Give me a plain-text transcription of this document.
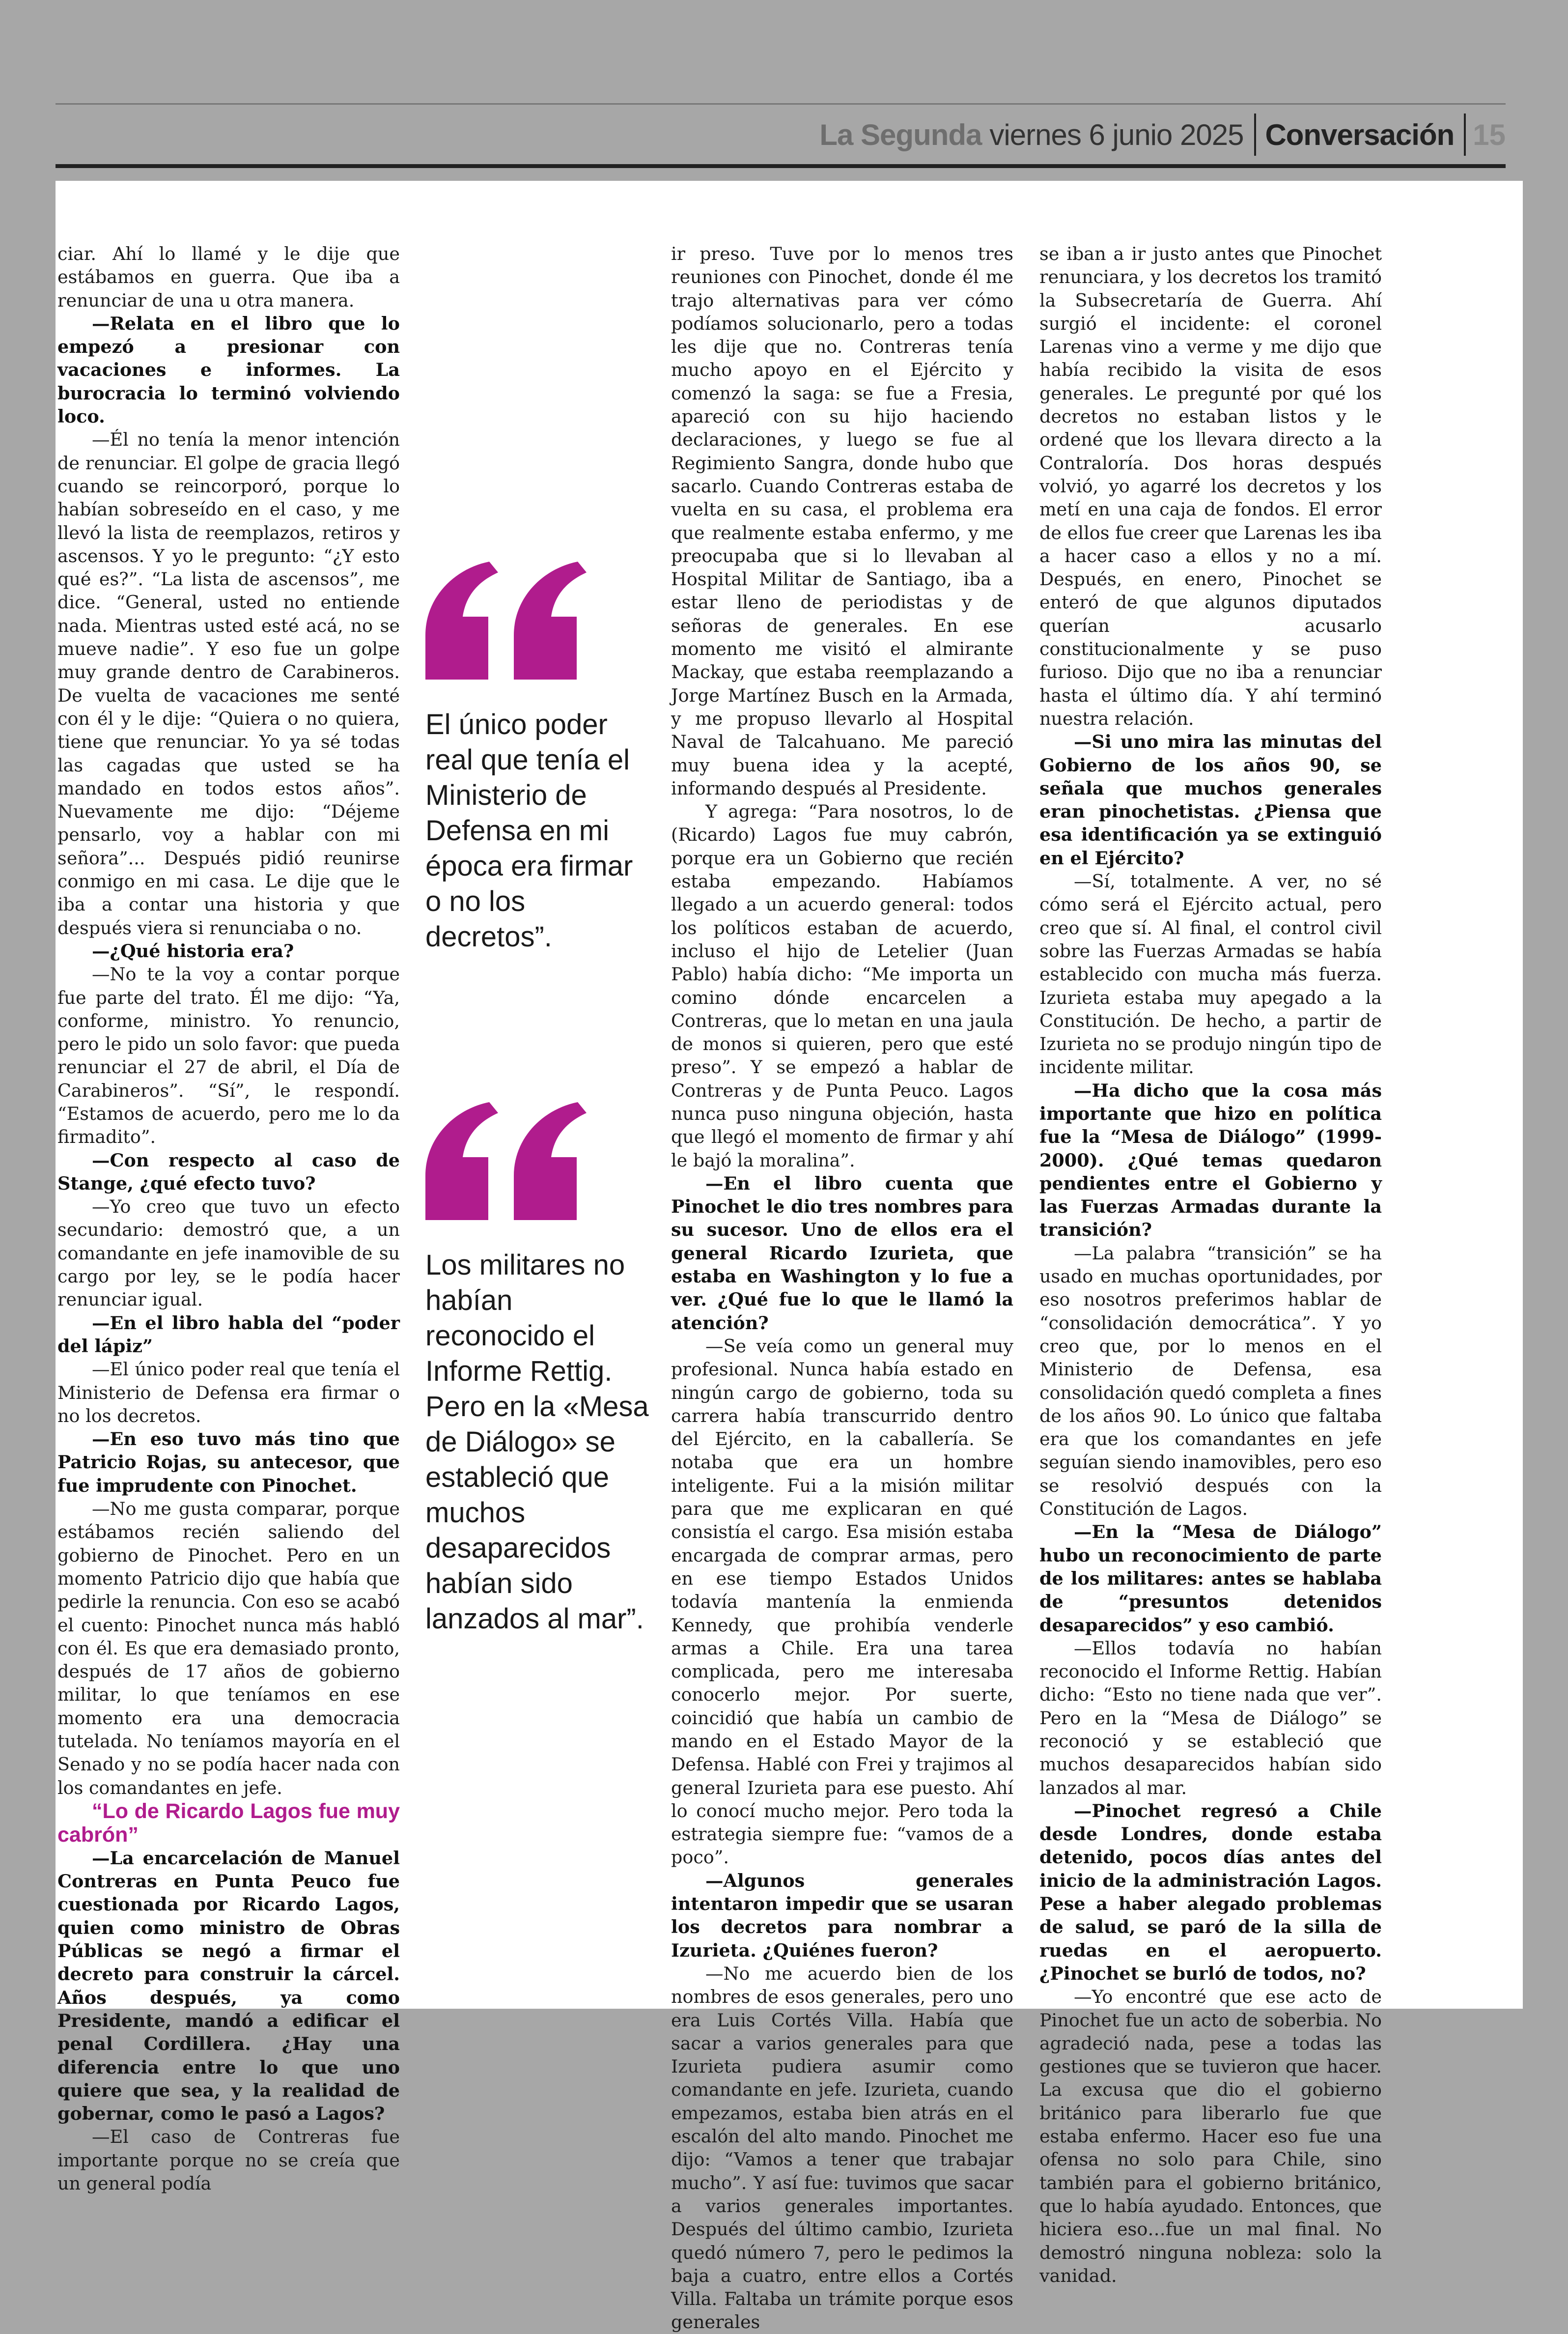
La Segunda viernes 6 junio 2025 Conversación 15

ciar. Ahí lo llamé y le dije que estábamos en guerra. Que iba a renunciar de una u otra manera.

—Relata en el libro que lo empezó a presionar con vacaciones e informes. La burocracia lo terminó volviendo loco.

—Él no tenía la menor intención de renunciar. El golpe de gracia llegó cuando se reincorporó, porque lo habían sobreseído en el caso, y me llevó la lista de reemplazos, retiros y ascensos. Y yo le pregunto: “¿Y esto qué es?”. “La lista de ascensos”, me dice. “General, usted no entiende nada. Mientras usted esté acá, no se mueve nadie”. Y eso fue un golpe muy grande dentro de Carabineros. De vuelta de vacaciones me senté con él y le dije: “Quiera o no quiera, tiene que renunciar. Yo ya sé todas las cagadas que usted se ha mandado en todos estos años”. Nuevamente me dijo: “Déjeme pensarlo, voy a hablar con mi señora”... Después pidió reunirse conmigo en mi casa. Le dije que le iba a contar una historia y que después viera si renunciaba o no.

—¿Qué historia era?

—No te la voy a contar porque fue parte del trato. Él me dijo: “Ya, conforme, ministro. Yo renuncio, pero le pido un solo favor: que pueda renunciar el 27 de abril, el Día de Carabineros”. “Sí”, le respondí. “Estamos de acuerdo, pero me lo da firmadito”.

—Con respecto al caso de Stange, ¿qué efecto tuvo?

—Yo creo que tuvo un efecto secundario: demostró que, a un comandante en jefe inamovible de su cargo por ley, se le podía hacer renunciar igual.

—En el libro habla del “poder del lápiz”

—El único poder real que tenía el Ministerio de Defensa era firmar o no los decretos.

—En eso tuvo más tino que Patricio Rojas, su antecesor, que fue imprudente con Pinochet.

—No me gusta comparar, porque estábamos recién saliendo del gobierno de Pinochet. Pero en un momento Patricio dijo que había que pedirle la renuncia. Con eso se acabó el cuento: Pinochet nunca más habló con él. Es que era demasiado pronto, después de 17 años de gobierno militar, lo que teníamos en ese momento era una democracia tutelada. No teníamos mayoría en el Senado y no se podía hacer nada con los comandantes en jefe.

“Lo de Ricardo Lagos fue muy cabrón”

—La encarcelación de Manuel Contreras en Punta Peuco fue cuestionada por Ricardo Lagos, quien como ministro de Obras Públicas se negó a firmar el decreto para construir la cárcel. Años después, ya como Presidente, mandó a edificar el penal Cordillera. ¿Hay una diferencia entre lo que uno quiere que sea, y la realidad de gobernar, como le pasó a Lagos?

—El caso de Contreras fue importante porque no se creía que un general podía

El único poder real que tenía el Ministerio de Defensa en mi época era firmar o no los decretos”.
Los militares no habían reconocido el Informe Rettig. Pero en la «Mesa de Diálogo» se estableció que muchos desaparecidos habían sido lanzados al mar”.

ir preso. Tuve por lo menos tres reuniones con Pinochet, donde él me trajo alternativas para ver cómo podíamos solucionarlo, pero a todas les dije que no. Contreras tenía mucho apoyo en el Ejército y comenzó la saga: se fue a Fresia, apareció con su hijo haciendo declaraciones, y luego se fue al Regimiento Sangra, donde hubo que sacarlo. Cuando Contreras estaba de vuelta en su casa, el problema era que realmente estaba enfermo, y me preocupaba que si lo llevaban al Hospital Militar de Santiago, iba a estar lleno de periodistas y de señoras de generales. En ese momento me visitó el almirante Mackay, que estaba reemplazando a Jorge Martínez Busch en la Armada, y me propuso llevarlo al Hospital Naval de Talcahuano. Me pareció muy buena idea y la acepté, informando después al Presidente.

Y agrega: “Para nosotros, lo de (Ricardo) Lagos fue muy cabrón, porque era un Gobierno que recién estaba empezando. Habíamos llegado a un acuerdo general: todos los políticos estaban de acuerdo, incluso el hijo de Letelier (Juan Pablo) había dicho: “Me importa un comino dónde encarcelen a Contreras, que lo metan en una jaula de monos si quieren, pero que esté preso”. Y se empezó a hablar de Contreras y de Punta Peuco. Lagos nunca puso ninguna objeción, hasta que llegó el momento de firmar y ahí le bajó la moralina”.

—En el libro cuenta que Pinochet le dio tres nombres para su sucesor. Uno de ellos era el general Ricardo Izurieta, que estaba en Washington y lo fue a ver. ¿Qué fue lo que le llamó la atención?

—Se veía como un general muy profesional. Nunca había estado en ningún cargo de gobierno, toda su carrera había transcurrido dentro del Ejército, en la caballería. Se notaba que era un hombre inteligente. Fui a la misión militar para que me explicaran en qué consistía el cargo. Esa misión estaba encargada de comprar armas, pero en ese tiempo Estados Unidos todavía mantenía la enmienda Kennedy, que prohibía venderle armas a Chile. Era una tarea complicada, pero me interesaba conocerlo mejor. Por suerte, coincidió que había un cambio de mando en el Estado Mayor de la Defensa. Hablé con Frei y trajimos al general Izurieta para ese puesto. Ahí lo conocí mucho mejor. Pero toda la estrategia siempre fue: “vamos de a poco”.

—Algunos generales intentaron impedir que se usaran los decretos para nombrar a Izurieta. ¿Quiénes fueron?

—No me acuerdo bien de los nombres de esos generales, pero uno era Luis Cortés Villa. Había que sacar a varios generales para que Izurieta pudiera asumir como comandante en jefe. Izurieta, cuando empezamos, estaba bien atrás en el escalón del alto mando. Pinochet me dijo: “Vamos a tener que trabajar mucho”. Y así fue: tuvimos que sacar a varios generales importantes. Después del último cambio, Izurieta quedó número 7, pero le pedimos la baja a cuatro, entre ellos a Cortés Villa. Faltaba un trámite porque esos generales

se iban a ir justo antes que Pinochet renunciara, y los decretos los tramitó la Subsecretaría de Guerra. Ahí surgió el incidente: el coronel Larenas vino a verme y me dijo que había recibido la visita de esos generales. Le pregunté por qué los decretos no estaban listos y le ordené que los llevara directo a la Contraloría. Dos horas después volvió, yo agarré los decretos y los metí en una caja de fondos. El error de ellos fue creer que Larenas les iba a hacer caso a ellos y no a mí. Después, en enero, Pinochet se enteró de que algunos diputados querían acusarlo constitucionalmente y se puso furioso. Dijo que no iba a renunciar hasta el último día. Y ahí terminó nuestra relación.

—Si uno mira las minutas del Gobierno de los años 90, se señala que muchos generales eran pinochetistas. ¿Piensa que esa identificación ya se extinguió en el Ejército?

—Sí, totalmente. A ver, no sé cómo será el Ejército actual, pero creo que sí. Al final, el control civil sobre las Fuerzas Armadas se había establecido con mucha más fuerza. Izurieta estaba muy apegado a la Constitución. De hecho, a partir de Izurieta no se produjo ningún tipo de incidente militar.

—Ha dicho que la cosa más importante que hizo en política fue la “Mesa de Diálogo” (1999-2000). ¿Qué temas quedaron pendientes entre el Gobierno y las Fuerzas Armadas durante la transición?

—La palabra “transición” se ha usado en muchas oportunidades, por eso nosotros preferimos hablar de “consolidación democrática”. Y yo creo que, por lo menos en el Ministerio de Defensa, esa consolidación quedó completa a fines de los años 90. Lo único que faltaba era que los comandantes en jefe seguían siendo inamovibles, pero eso se resolvió después con la Constitución de Lagos.

—En la “Mesa de Diálogo” hubo un reconocimiento de parte de los militares: antes se hablaba de “presuntos detenidos desaparecidos” y eso cambió.

—Ellos todavía no habían reconocido el Informe Rettig. Habían dicho: “Esto no tiene nada que ver”. Pero en la “Mesa de Diálogo” se reconoció y se estableció que muchos desaparecidos habían sido lanzados al mar.

—Pinochet regresó a Chile desde Londres, donde estaba detenido, pocos días antes del inicio de la administración Lagos. Pese a haber alegado problemas de salud, se paró de la silla de ruedas en el aeropuerto. ¿Pinochet se burló de todos, no?

—Yo encontré que ese acto de Pinochet fue un acto de soberbia. No agradeció nada, pese a todas las gestiones que se tuvieron que hacer. La excusa que dio el gobierno británico para liberarlo fue que estaba enfermo. Hacer eso fue una ofensa no solo para Chile, sino también para el gobierno británico, que lo había ayudado. Entonces, que hiciera eso…fue un mal final. No demostró ninguna nobleza: solo la vanidad.
